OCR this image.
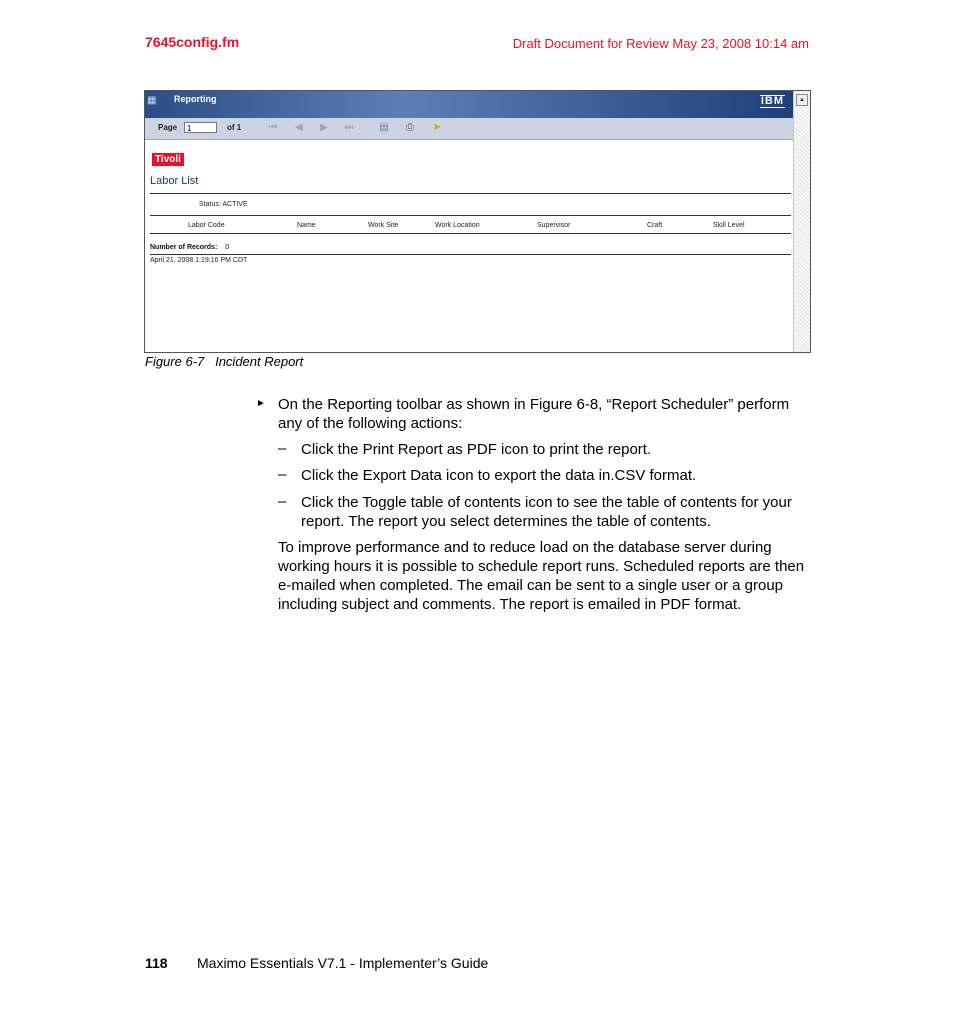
7645config.fm	Draft Document for Review May 23, 2008 10:14 am
▦ Reporting	IBM
Page	1	of 1	⏮	◀	▶	⏭	▤	⎙	➤
▲
Tivoli
Labor List
Status: ACTIVE
Labor Code	Name	Work Site	Work Location	Supervisor	Craft	Skill Level
Number of Records: 0
April 21, 2008 1:19:16 PM CDT
Figure 6-7   Incident Report
► On the Reporting toolbar as shown in Figure 6-8, “Report Scheduler” perform any of the following actions:
– Click the Print Report as PDF icon to print the report.
– Click the Export Data icon to export the data in.CSV format.
– Click the Toggle table of contents icon to see the table of contents for your report. The report you select determines the table of contents.
To improve performance and to reduce load on the database server during working hours it is possible to schedule report runs. Scheduled reports are then e-mailed when completed. The email can be sent to a single user or a group including subject and comments. The report is emailed in PDF format.
118 Maximo Essentials V7.1 - Implementer’s Guide
